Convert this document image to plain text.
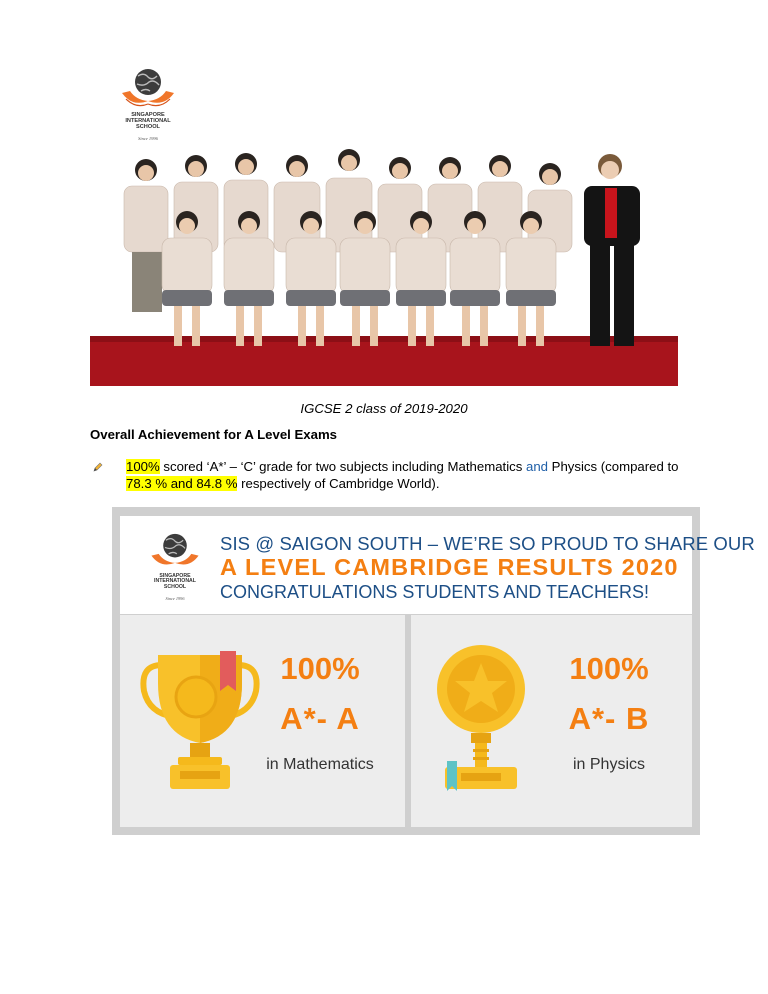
SINGAPORE
INTERNATIONAL
SCHOOL
Since 1996
IGCSE 2 class of 2019-2020
Overall Achievement for A Level Exams
100% scored ‘A*’ – ‘C’ grade for two subjects including Mathematics and Physics (compared to 78.3 % and 84.8 % respectively of Cambridge World).
SINGAPORE
INTERNATIONAL
SCHOOL
Since 1996
SIS @ SAIGON SOUTH – WE’RE SO PROUD TO SHARE OUR
A LEVEL CAMBRIDGE RESULTS 2020
CONGRATULATIONS STUDENTS AND TEACHERS!
100%
A*- A
in Mathematics
100%
A*- B
in Physics
